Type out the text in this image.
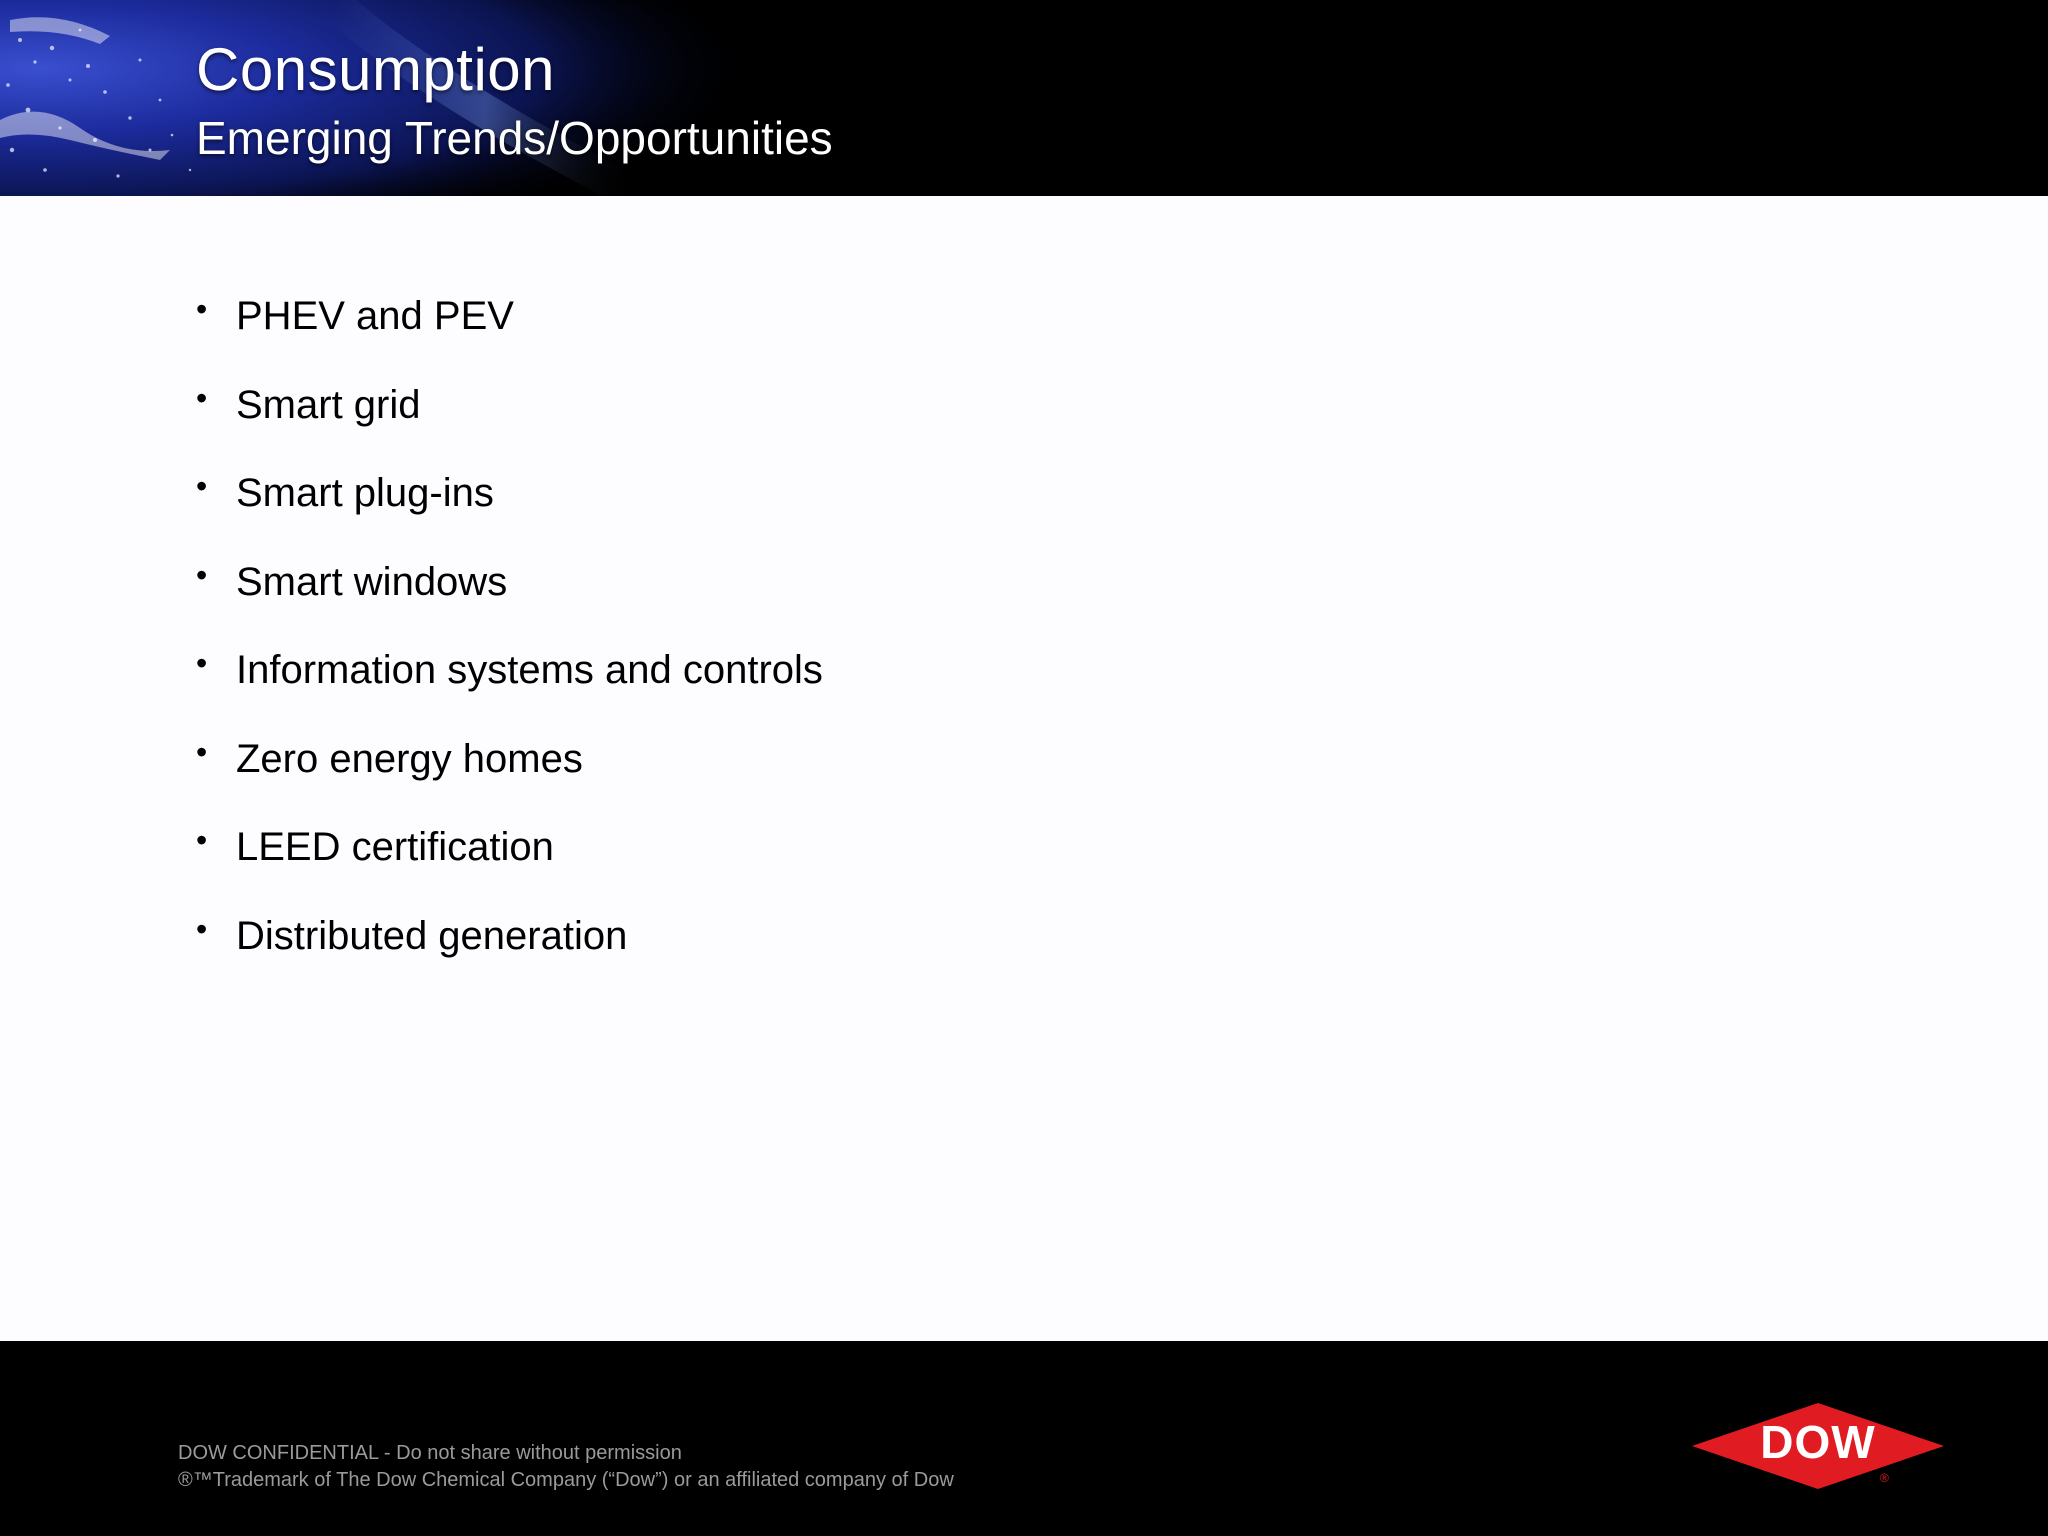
Consumption
Emerging Trends/Opportunities
• PHEV and PEV
• Smart grid
• Smart plug-ins
• Smart windows
• Information systems and controls
• Zero energy homes
• LEED certification
• Distributed generation
DOW CONFIDENTIAL - Do not share without permission
®™Trademark of The Dow Chemical Company (“Dow”) or an affiliated company of Dow
DOW
®
